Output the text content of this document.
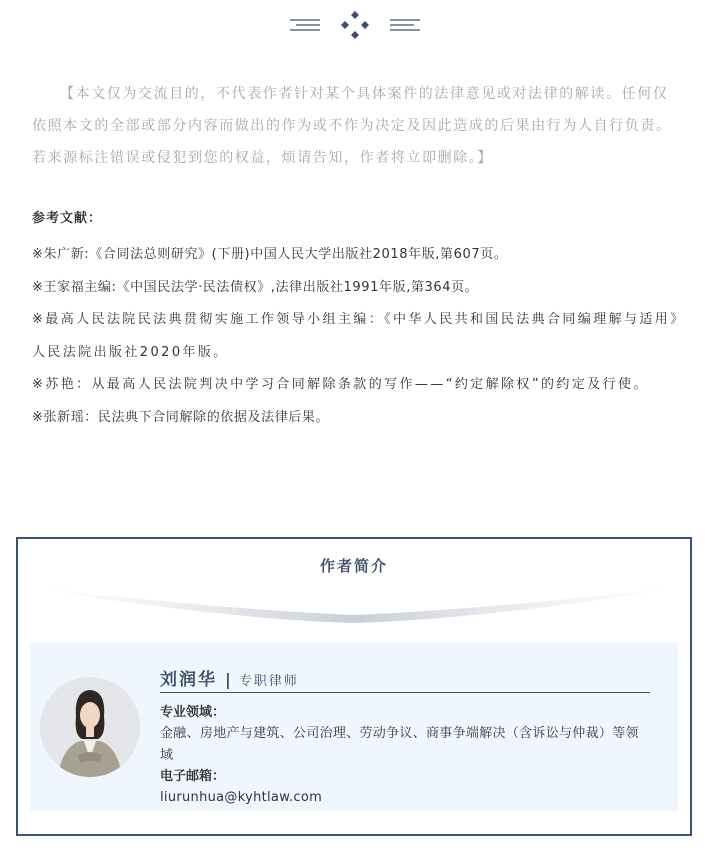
【本文仅为交流目的，不代表作者针对某个具体案件的法律意见或对法律的解读。任何仅依照本文的全部或部分内容而做出的作为或不作为决定及因此造成的后果由行为人自行负责。若来源标注错误或侵犯到您的权益，烦请告知，作者将立即删除。】

参考文献：
※朱广新:《合同法总则研究》(下册)中国人民大学出版社2018年版,第607页。
※王家福主编:《中国民法学·民法债权》,法律出版社1991年版,第364页。
※最高人民法院民法典贯彻实施工作领导小组主编：《中华人民共和国民法典合同编理解与适用》人民法院出版社2020年版。
※苏艳：从最高人民法院判决中学习合同解除条款的写作——“约定解除权”的约定及行使。
※张新瑶：民法典下合同解除的依据及法律后果。
作者简介
刘润华 | 专职律师
专业领域：
金融、房地产与建筑、公司治理、劳动争议、商事争端解决（含诉讼与仲裁）等领域
电子邮箱：
liurunhua@kyhtlaw.com
